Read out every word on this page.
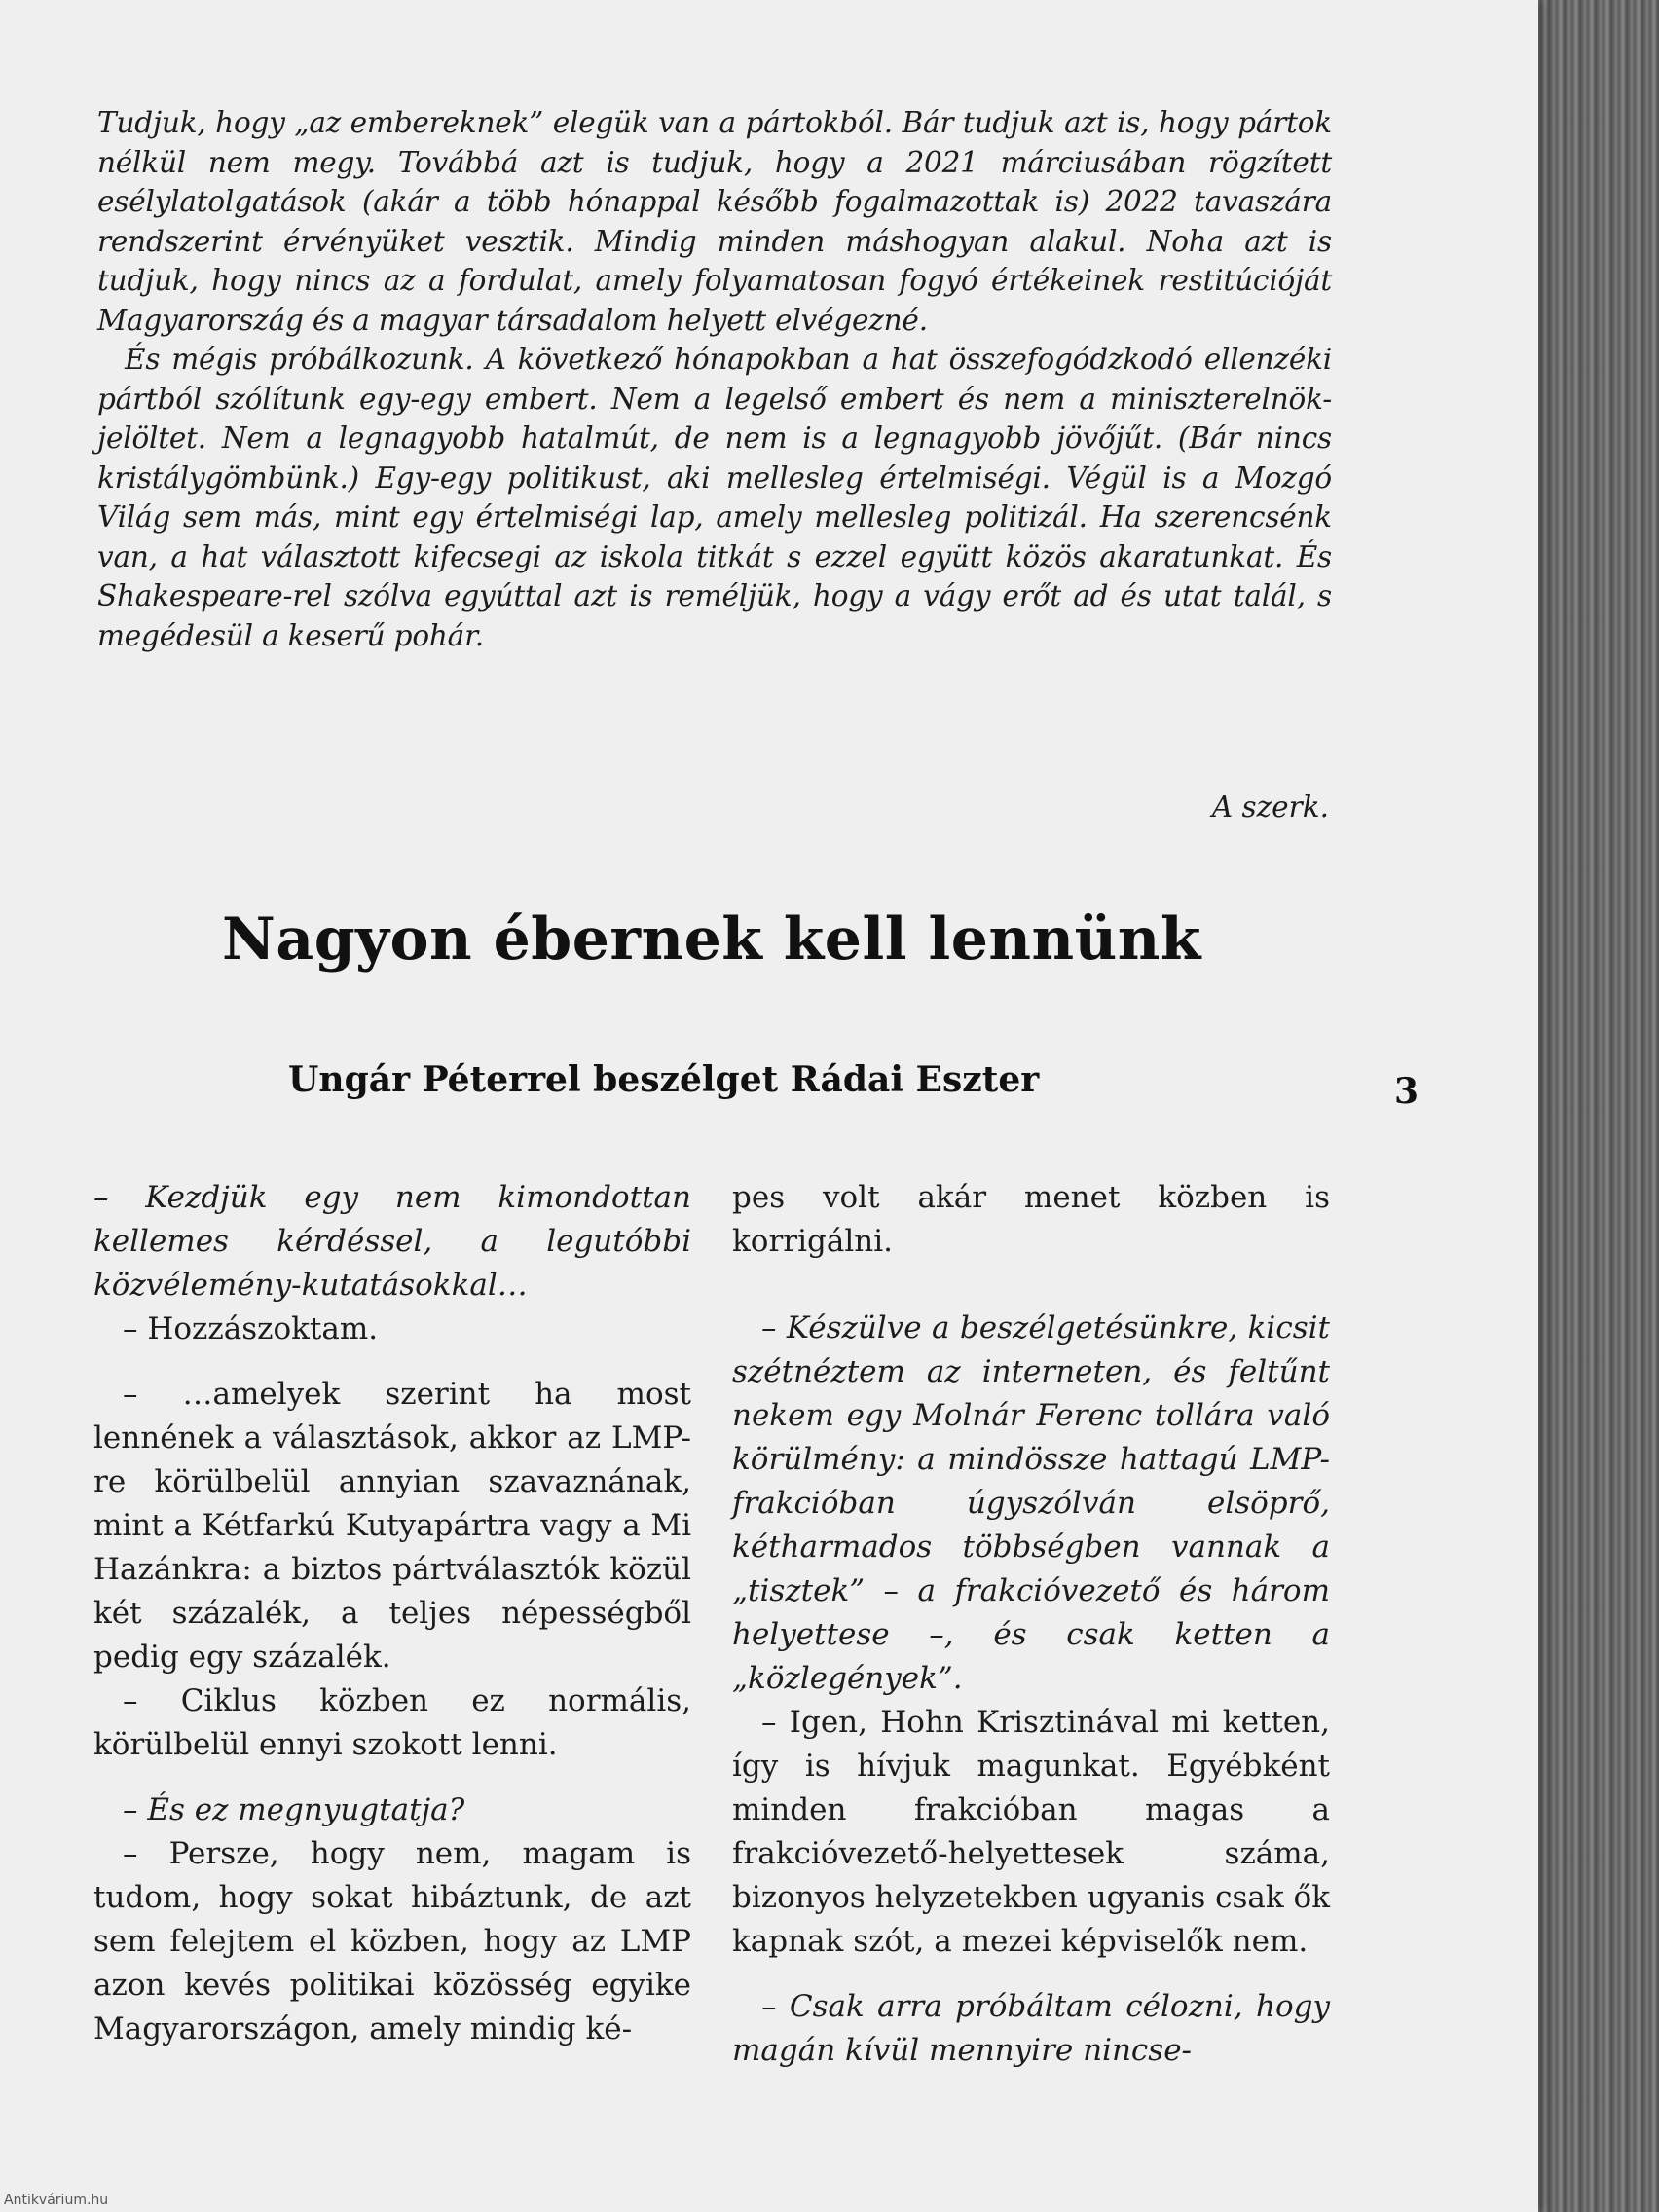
Tudjuk, hogy „az embereknek” elegük van a pártokból. Bár tudjuk azt is, hogy pártok nélkül nem megy. Továbbá azt is tudjuk, hogy a 2021 márciusában rögzített esélylatolgatások (akár a több hónappal később fogalmazottak is) 2022 tavaszára rendszerint érvényüket vesztik. Mindig minden máshogyan alakul. Noha azt is tudjuk, hogy nincs az a fordulat, amely folyamatosan fogyó értékeinek restitúcióját Magyarország és a magyar társadalom helyett elvégezné.

És mégis próbálkozunk. A következő hónapokban a hat összefogódzkodó ellenzéki pártból szólítunk egy-egy embert. Nem a legelső embert és nem a miniszterelnök-jelöltet. Nem a legnagyobb hatalmút, de nem is a legnagyobb jövőjűt. (Bár nincs kristálygömbünk.) Egy-egy politikust, aki mellesleg értelmiségi. Végül is a Mozgó Világ sem más, mint egy értelmiségi lap, amely mellesleg politizál. Ha szerencsénk van, a hat választott kifecsegi az iskola titkát s ezzel együtt közös akaratunkat. És Shakespeare-rel szólva egyúttal azt is reméljük, hogy a vágy erőt ad és utat talál, s megédesül a keserű pohár.

A szerk.
Nagyon ébernek kell lennünk
Ungár Péterrel beszélget Rádai Eszter	3

– Kezdjük egy nem kimondottan kellemes kérdéssel, a legutóbbi közvélemény-kutatásokkal…

– Hozzászoktam.

– …amelyek szerint ha most lennének a választások, akkor az LMP-re körülbelül annyian szavaznának, mint a Kétfarkú Kutyapártra vagy a Mi Hazánkra: a biztos pártválasztók közül két százalék, a teljes népességből pedig egy százalék.

– Ciklus közben ez normális, körülbelül ennyi szokott lenni.

– És ez megnyugtatja?

– Persze, hogy nem, magam is tudom, hogy sokat hibáztunk, de azt sem felejtem el közben, hogy az LMP azon kevés politikai közösség egyike Magyarországon, amely mindig ké-

pes volt akár menet közben is korrigálni.

– Készülve a beszélgetésünkre, kicsit szétnéztem az interneten, és feltűnt nekem egy Molnár Ferenc tollára való körülmény: a mindössze hattagú LMP-frakcióban úgyszólván elsöprő, kétharmados többségben vannak a „tisztek” – a frakcióvezető és három helyettese –, és csak ketten a „közlegények”.

– Igen, Hohn Krisztinával mi ketten, így is hívjuk magunkat. Egyébként minden frakcióban magas a frakcióvezető-helyettesek száma, bizonyos helyzetekben ugyanis csak ők kapnak szót, a mezei képviselők nem.

– Csak arra próbáltam célozni, hogy magán kívül mennyire nincse-

Antikvárium.hu
